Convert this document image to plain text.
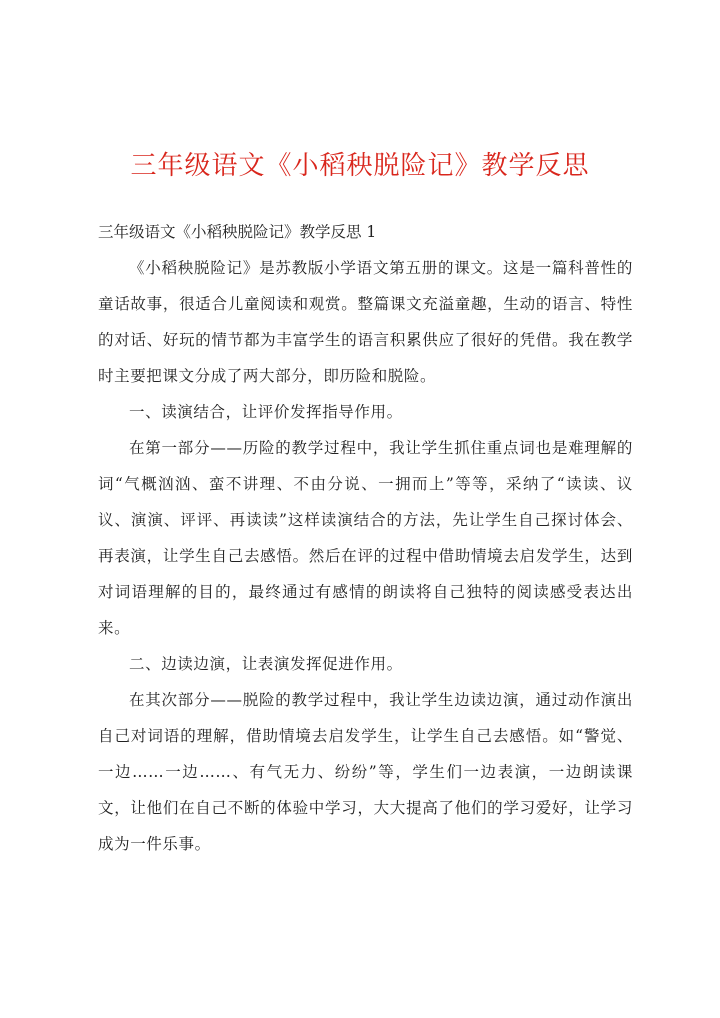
三年级语文《小稻秧脱险记》教学反思

三年级语文《小稻秧脱险记》教学反思 1

《小稻秧脱险记》是苏教版小学语文第五册的课文。这是一篇科普性的童话故事，很适合儿童阅读和观赏。整篇课文充溢童趣，生动的语言、特性的对话、好玩的情节都为丰富学生的语言积累供应了很好的凭借。我在教学时主要把课文分成了两大部分，即历险和脱险。

一、读演结合，让评价发挥指导作用。

在第一部分——历险的教学过程中，我让学生抓住重点词也是难理解的词“气概汹汹、蛮不讲理、不由分说、一拥而上”等等，采纳了“读读、议议、演演、评评、再读读”这样读演结合的方法，先让学生自己探讨体会、再表演，让学生自己去感悟。然后在评的过程中借助情境去启发学生，达到对词语理解的目的，最终通过有感情的朗读将自己独特的阅读感受表达出来。

二、边读边演，让表演发挥促进作用。

在其次部分——脱险的教学过程中，我让学生边读边演，通过动作演出自己对词语的理解，借助情境去启发学生，让学生自己去感悟。如“警觉、一边……一边……、有气无力、纷纷”等，学生们一边表演，一边朗读课文，让他们在自己不断的体验中学习，大大提高了他们的学习爱好，让学习成为一件乐事。
